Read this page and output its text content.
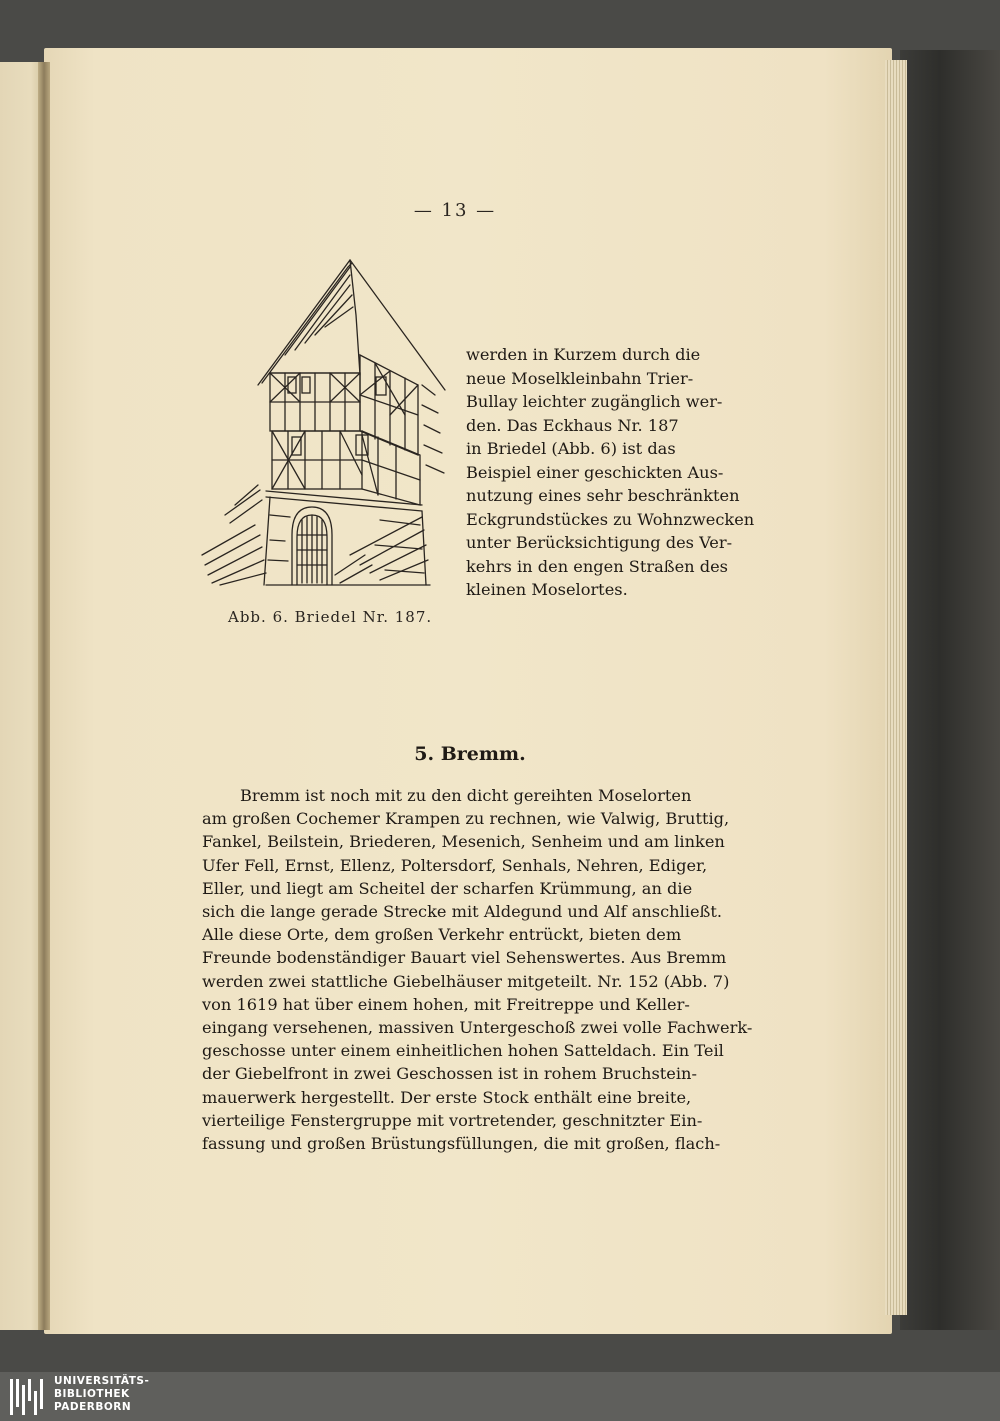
— 13 —
Abb. 6. Briedel Nr. 187.
werden in Kurzem durch die
neue Moselkleinbahn Trier-
Bullay leichter zugänglich wer-
den. Das Eckhaus Nr. 187
in Briedel (Abb. 6) ist das
Beispiel einer geschickten Aus-
nutzung eines sehr beschränkten
Eckgrundstückes zu Wohnzwecken
unter Berücksichtigung des Ver-
kehrs in den engen Straßen des
kleinen Moselortes.
5. Bremm.
Bremm ist noch mit zu den dicht gereihten Moselorten
am großen Cochemer Krampen zu rechnen, wie Valwig, Bruttig,
Fankel, Beilstein, Briederen, Mesenich, Senheim und am linken
Ufer Fell, Ernst, Ellenz, Poltersdorf, Senhals, Nehren, Ediger,
Eller, und liegt am Scheitel der scharfen Krümmung, an die
sich die lange gerade Strecke mit Aldegund und Alf anschließt.
Alle diese Orte, dem großen Verkehr entrückt, bieten dem
Freunde bodenständiger Bauart viel Sehenswertes. Aus Bremm
werden zwei stattliche Giebelhäuser mitgeteilt. Nr. 152 (Abb. 7)
von 1619 hat über einem hohen, mit Freitreppe und Keller-
eingang versehenen, massiven Untergeschoß zwei volle Fachwerk-
geschosse unter einem einheitlichen hohen Satteldach. Ein Teil
der Giebelfront in zwei Geschossen ist in rohem Bruchstein-
mauerwerk hergestellt. Der erste Stock enthält eine breite,
vierteilige Fenstergruppe mit vortretender, geschnitzter Ein-
fassung und großen Brüstungsfüllungen, die mit großen, flach-
UNIVERSITÄTS-
BIBLIOTHEK
PADERBORN
